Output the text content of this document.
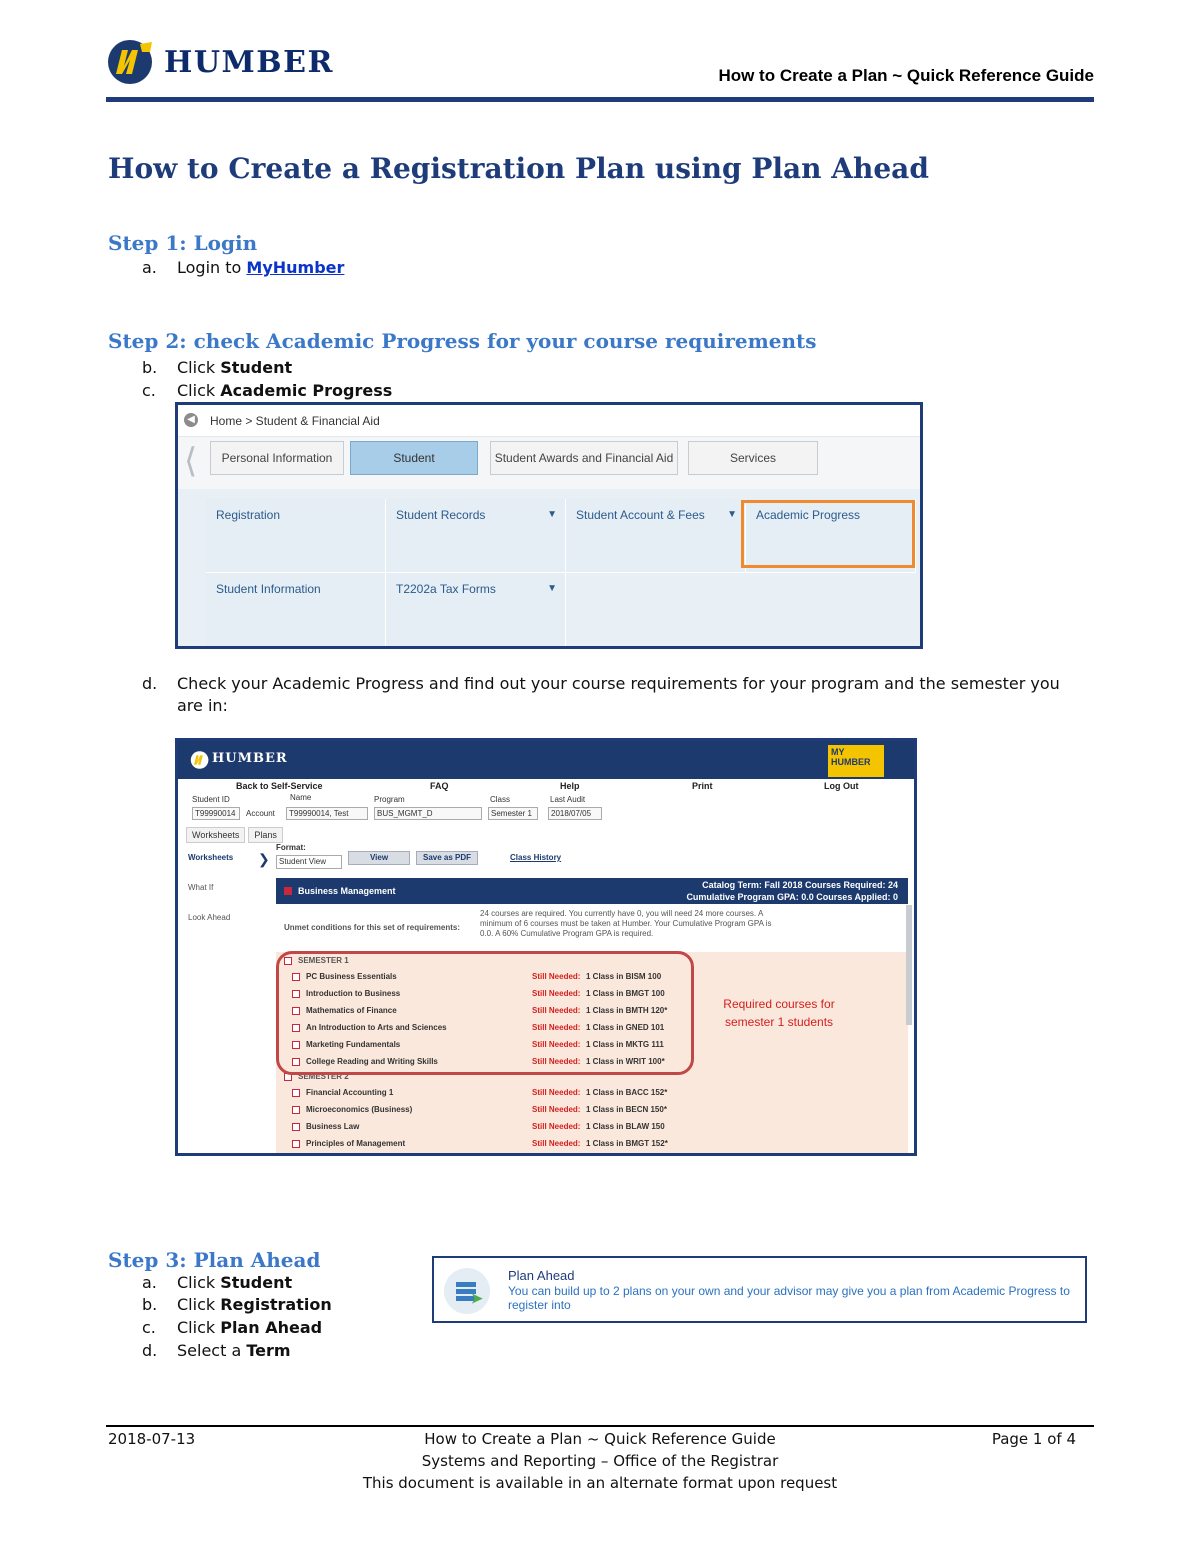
HUMBER	How to Create a Plan ~ Quick Reference Guide
How to Create a Registration Plan using Plan Ahead
Step 1: Login
a. Login to MyHumber
Step 2: check Academic Progress for your course requirements
b. Click Student
c. Click Academic Progress
◀ Home > Student & Financial Aid
⟨	Personal Information	Student	Student Awards and Financial Aid	Services
Registration	Student Records	▼	Student Account & Fees ▼	Academic Progress
Student Information	T2202a Tax Forms	▼
d. Check your Academic Progress and find out your course requirements for your program and the semester you
are in:
HUMBER	MY HUMBER
Back to Self-Service	FAQ	Help	Print	Log Out
Student ID
T99990014
Name
Account	T99990014, Test
Program
BUS_MGMT_D
Class
Semester 1
Last Audit
2018/07/05
Worksheets Plans
Worksheets
What If
Look Ahead
❯
Format:
Student View	View	Save as PDF	Class History
Business Management
Catalog Term: Fall 2018 Courses Required: 24
Cumulative Program GPA: 0.0 Courses Applied: 0
Unmet conditions for this set of requirements:
24 courses are required. You currently have 0, you will need 24 more courses. A minimum of 6 courses must be taken at Humber. Your Cumulative Program GPA is 0.0. A 60% Cumulative Program GPA is required.
SEMESTER 1
PC Business Essentials	Still Needed: 1 Class in BISM 100
Introduction to Business	Still Needed: 1 Class in BMGT 100
Mathematics of Finance	Still Needed: 1 Class in BMTH 120*
An Introduction to Arts and Sciences	Still Needed: 1 Class in GNED 101
Marketing Fundamentals	Still Needed: 1 Class in MKTG 111
College Reading and Writing Skills	Still Needed: 1 Class in WRIT 100*
SEMESTER 2
Financial Accounting 1	Still Needed: 1 Class in BACC 152*
Microeconomics (Business)	Still Needed: 1 Class in BECN 150*
Business Law	Still Needed: 1 Class in BLAW 150
Principles of Management	Still Needed: 1 Class in BMGT 152*
Required courses for semester 1 students
Step 3: Plan Ahead
a. Click Student
b. Click Registration
c. Click Plan Ahead
d. Select a Term
➤
Plan Ahead
You can build up to 2 plans on your own and your advisor may give you a plan from Academic Progress to register into
2018-07-13	Page 1 of 4
How to Create a Plan ~ Quick Reference Guide
Systems and Reporting – Office of the Registrar
This document is available in an alternate format upon request
